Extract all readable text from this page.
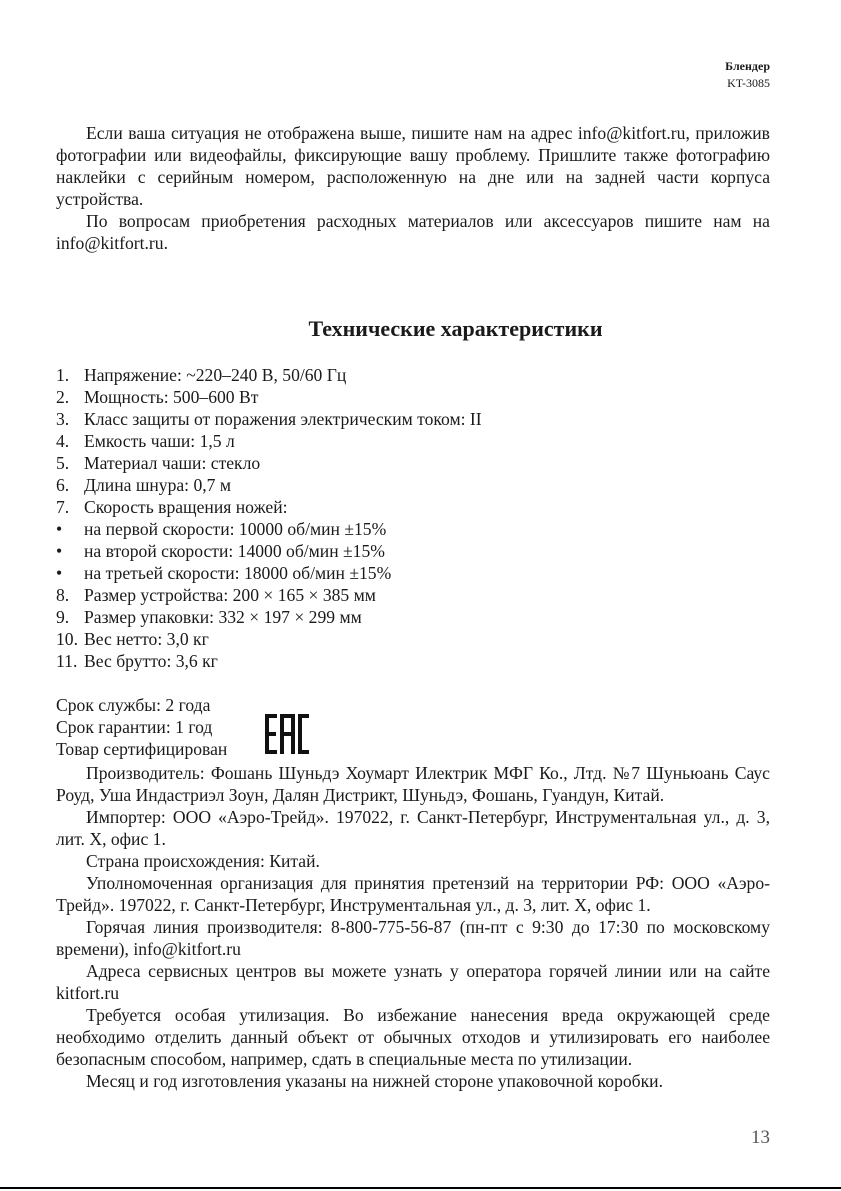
Блендер
KT-3085

Если ваша ситуация не отображена выше, пишите нам на адрес info@kitfort.ru, приложив фотографии или видеофайлы, фиксирующие вашу проблему. Пришлите также фотографию наклейки с серийным номером, расположенную на дне или на задней части корпуса устройства.

По вопросам приобретения расходных материалов или аксессуаров пишите нам на info@kitfort.ru.

Технические характеристики
1. Напряжение: ~220–240 В, 50/60 Гц
2. Мощность: 500–600 Вт
3. Класс защиты от поражения электрическим током: II
4. Емкость чаши: 1,5 л
5. Материал чаши: стекло
6. Длина шнура: 0,7 м
7. Скорость вращения ножей:
•	на первой скорости: 10000 об/мин ±15%
•	на второй скорости: 14000 об/мин ±15%
•	на третьей скорости: 18000 об/мин ±15%
8. Размер устройства: 200 × 165 × 385 мм
9. Размер упаковки: 332 × 197 × 299 мм
10. Вес нетто: 3,0 кг
11. Вес брутто: 3,6 кг
Срок службы: 2 года
Срок гарантии: 1 год
Товар сертифицирован

Производитель: Фошань Шуньдэ Хоумарт Илектрик МФГ Ко., Лтд. №7 Шуньюань Саус Роуд, Уша Индастриэл Зоун, Далян Дистрикт, Шуньдэ, Фошань, Гуандун, Китай.

Импортер: ООО «Аэро-Трейд». 197022, г. Санкт-Петербург, Инструментальная ул., д. 3, лит. Х, офис 1.

Страна происхождения: Китай.

Уполномоченная организация для принятия претензий на территории РФ: ООО «Аэро-Трейд». 197022, г. Санкт-Петербург, Инструментальная ул., д. 3, лит. Х, офис 1.

Горячая линия производителя: 8-800-775-56-87 (пн-пт с 9:30 до 17:30 по московскому времени), info@kitfort.ru

Адреса сервисных центров вы можете узнать у оператора горячей линии или на сайте kitfort.ru

Требуется особая утилизация. Во избежание нанесения вреда окружающей среде необходимо отделить данный объект от обычных отходов и утилизировать его наиболее безопасным способом, например, сдать в специальные места по утилизации.

Месяц и год изготовления указаны на нижней стороне упаковочной коробки.

13
